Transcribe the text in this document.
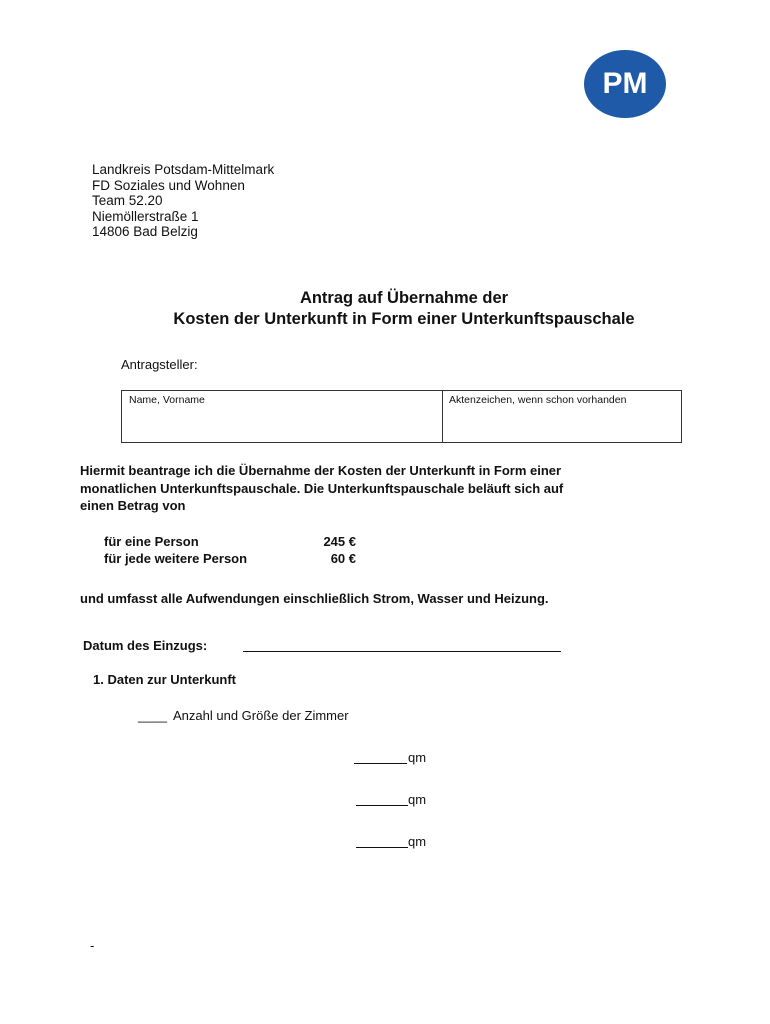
PM
Landkreis Potsdam-Mittelmark
FD Soziales und Wohnen
Team 52.20
Niemöllerstraße 1
14806 Bad Belzig
Antrag auf Übernahme der
Kosten der Unterkunft in Form einer Unterkunftspauschale
Antragsteller:
Name, Vorname	Aktenzeichen, wenn schon vorhanden
Hiermit beantrage ich die Übernahme der Kosten der Unterkunft in Form einer
monatlichen Unterkunftspauschale. Die Unterkunftspauschale beläuft sich auf
einen Betrag von
für eine Person	245 €
für jede weitere Person	60 €
und umfasst alle Aufwendungen einschließlich Strom, Wasser und Heizung.
Datum des Einzugs:
1. Daten zur Unterkunft
____ Anzahl und Größe der Zimmer
qm
qm
qm
-
